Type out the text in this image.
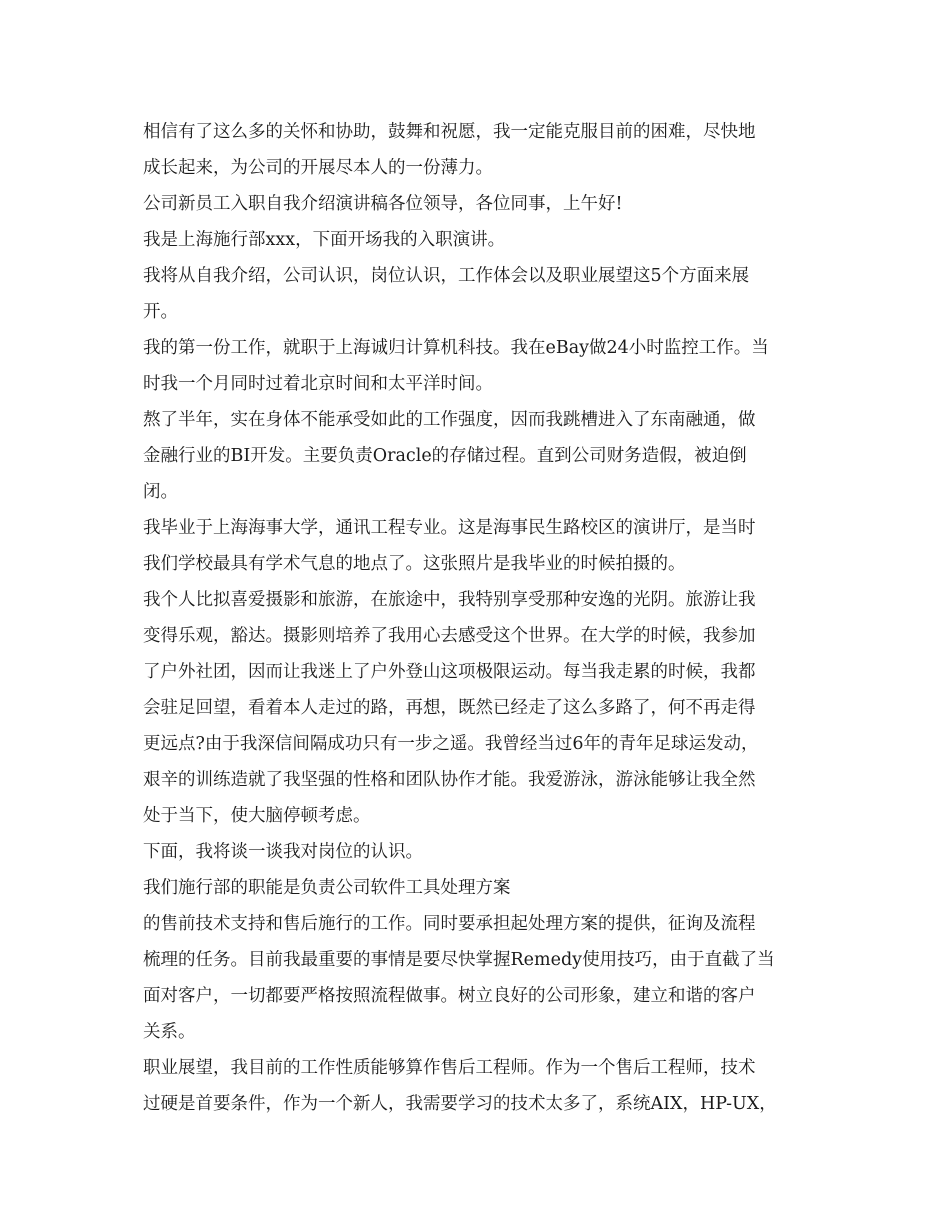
相信有了这么多的关怀和协助，鼓舞和祝愿，我一定能克服目前的困难，尽快地
成长起来，为公司的开展尽本人的一份薄力。
公司新员工入职自我介绍演讲稿各位领导，各位同事，上午好!
我是上海施行部xxx，下面开场我的入职演讲。
我将从自我介绍，公司认识，岗位认识，工作体会以及职业展望这5个方面来展
开。
我的第一份工作，就职于上海诚归计算机科技。我在eBay做24小时监控工作。当
时我一个月同时过着北京时间和太平洋时间。
熬了半年，实在身体不能承受如此的工作强度，因而我跳槽进入了东南融通，做
金融行业的BI开发。主要负责Oracle的存储过程。直到公司财务造假，被迫倒
闭。
我毕业于上海海事大学，通讯工程专业。这是海事民生路校区的演讲厅，是当时
我们学校最具有学术气息的地点了。这张照片是我毕业的时候拍摄的。
我个人比拟喜爱摄影和旅游，在旅途中，我特别享受那种安逸的光阴。旅游让我
变得乐观，豁达。摄影则培养了我用心去感受这个世界。在大学的时候，我参加
了户外社团，因而让我迷上了户外登山这项极限运动。每当我走累的时候，我都
会驻足回望，看着本人走过的路，再想，既然已经走了这么多路了，何不再走得
更远点?由于我深信间隔成功只有一步之遥。我曾经当过6年的青年足球运发动，
艰辛的训练造就了我坚强的性格和团队协作才能。我爱游泳，游泳能够让我全然
处于当下，使大脑停顿考虑。
下面，我将谈一谈我对岗位的认识。
我们施行部的职能是负责公司软件工具处理方案
的售前技术支持和售后施行的工作。同时要承担起处理方案的提供，征询及流程
梳理的任务。目前我最重要的事情是要尽快掌握Remedy使用技巧，由于直截了当
面对客户，一切都要严格按照流程做事。树立良好的公司形象，建立和谐的客户
关系。
职业展望，我目前的工作性质能够算作售后工程师。作为一个售后工程师，技术
过硬是首要条件，作为一个新人，我需要学习的技术太多了，系统AIX，HP-UX，
